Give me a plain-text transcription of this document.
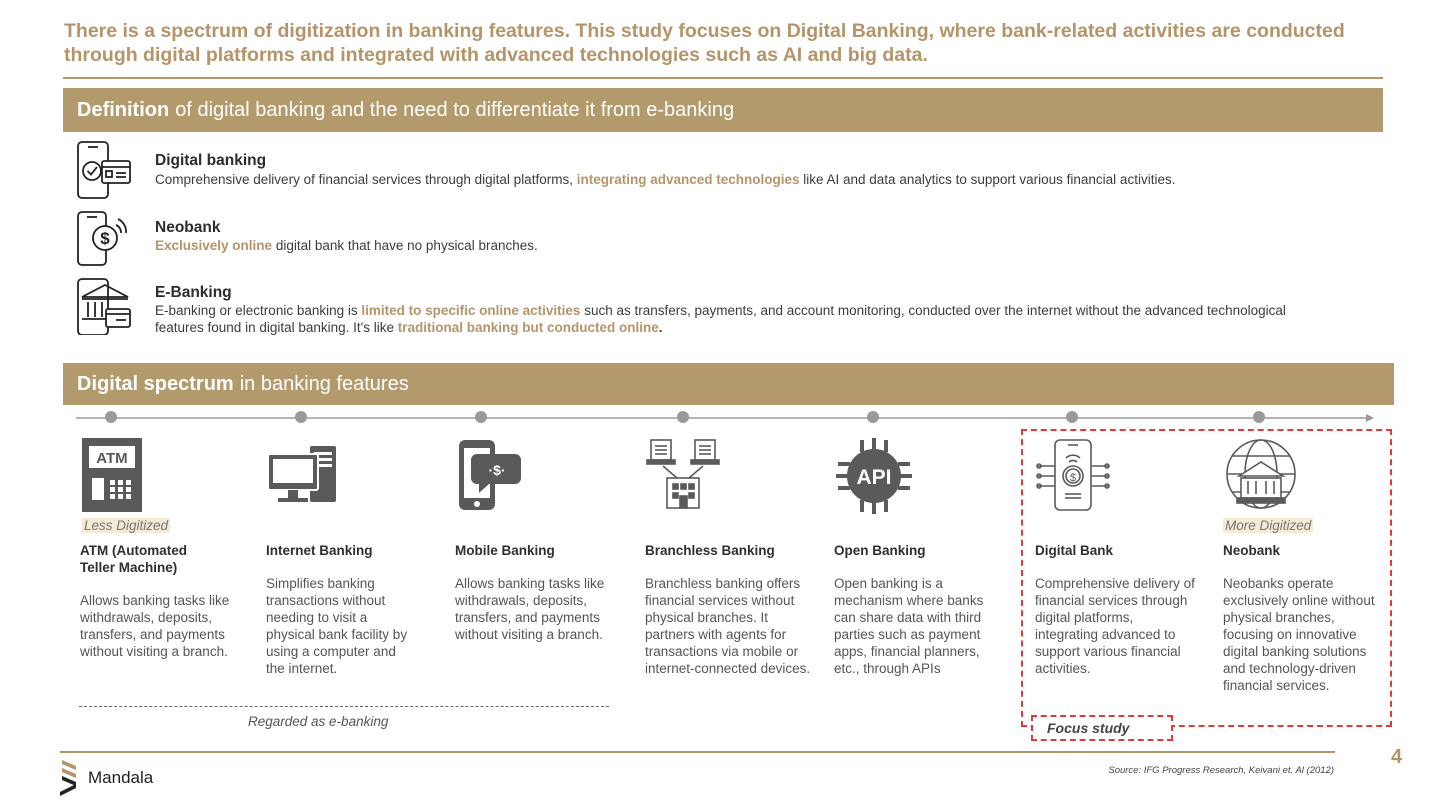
There is a spectrum of digitization in banking features. This study focuses on Digital Banking, where bank-related activities are conducted through digital platforms and integrated with advanced technologies such as AI and big data.
Definition of digital banking and the need to differentiate it from e-banking
Digital banking
Comprehensive delivery of financial services through digital platforms, integrating advanced technologies like AI and data analytics to support various financial activities.
$
Neobank
Exclusively online digital bank that have no physical branches.
E-Banking
E-banking or electronic banking is limited to specific online activities such as transfers, payments, and account monitoring, conducted over the internet without the advanced technological features found in digital banking. It's like traditional banking but conducted online.
Digital spectrum in banking features
ATM
Less Digitized
ATM (Automated Teller Machine)
Allows banking tasks like withdrawals, deposits, transfers, and payments without visiting a branch.
Internet Banking
Simplifies banking transactions without needing to visit a physical bank facility by using a computer and the internet.
·$·
Mobile Banking
Allows banking tasks like withdrawals, deposits, transfers, and payments without visiting a branch.
Branchless Banking
Branchless banking offers financial services without physical branches. It partners with agents for transactions via mobile or internet-connected devices.
API
Open Banking
Open banking is a mechanism where banks can share data with third parties such as payment apps, financial planners, etc., through APIs
$
Digital Bank
Comprehensive delivery of financial services through digital platforms, integrating advanced to support various financial activities.
More Digitized
Neobank
Neobanks operate exclusively online without physical branches, focusing on innovative digital banking solutions and technology-driven financial services.
Regarded as e-banking	Focus study
Mandala	Source: IFG Progress Research, Keivani et. Al (2012)
4
